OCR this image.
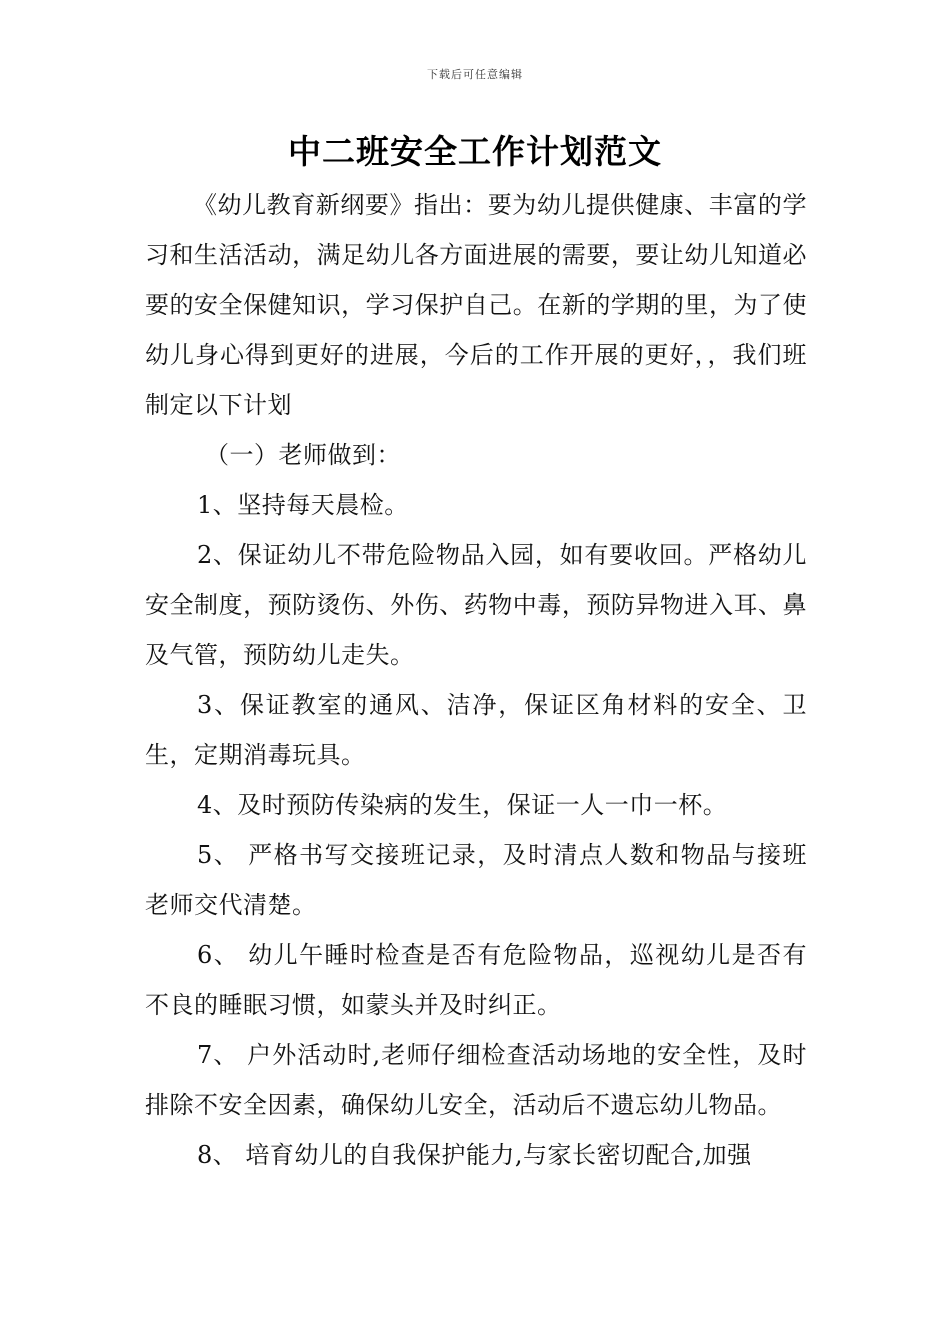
下载后可任意编辑
中二班安全工作计划范文

《幼儿教育新纲要》指出：要为幼儿提供健康、丰富的学习和生活活动，满足幼儿各方面进展的需要，要让幼儿知道必要的安全保健知识，学习保护自己。在新的学期的里，为了使幼儿身心得到更好的进展，今后的工作开展的更好，，我们班制定以下计划

（一）老师做到：

1、坚持每天晨检。

2、保证幼儿不带危险物品入园，如有要收回。严格幼儿安全制度，预防烫伤、外伤、药物中毒，预防异物进入耳、鼻及气管，预防幼儿走失。

3、保证教室的通风、洁净，保证区角材料的安全、卫生，定期消毒玩具。

4、及时预防传染病的发生，保证一人一巾一杯。

5、 严格书写交接班记录，及时清点人数和物品与接班老师交代清楚。

6、 幼儿午睡时检查是否有危险物品，巡视幼儿是否有不良的睡眠习惯，如蒙头并及时纠正。

7、 户外活动时,老师仔细检查活动场地的安全性，及时排除不安全因素，确保幼儿安全，活动后不遗忘幼儿物品。

8、 培育幼儿的自我保护能力,与家长密切配合,加强
